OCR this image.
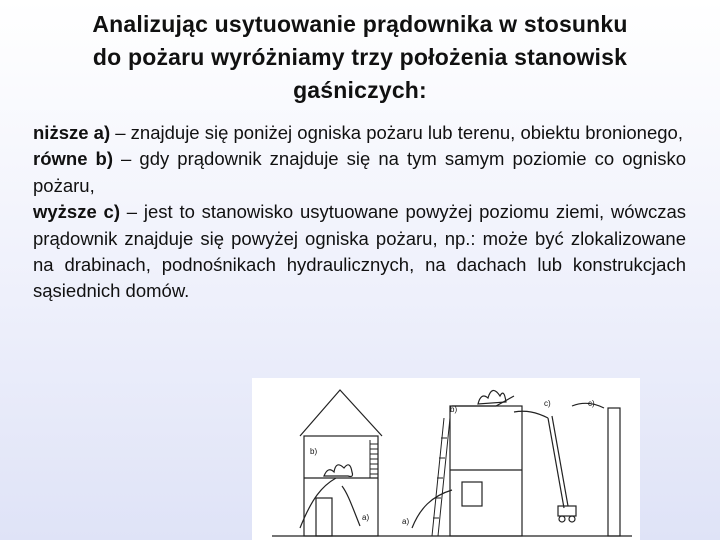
Analizując usytuowanie prądownika w stosunku
do pożaru wyróżniamy trzy położenia stanowisk
gaśniczych:

niższe a) – znajduje się poniżej ogniska pożaru lub terenu, obiektu bronionego,

równe b) – gdy prądownik znajduje się na tym samym poziomie co ognisko pożaru,

wyższe c) – jest to stanowisko usytuowane powyżej poziomu ziemi, wówczas prądownik znajduje się powyżej ogniska pożaru, np.: może być zlokalizowane na drabinach, podnośnikach hydraulicznych, na dachach lub konstrukcjach sąsiednich domów.

b)
a)
b)
c)	c)
a)
